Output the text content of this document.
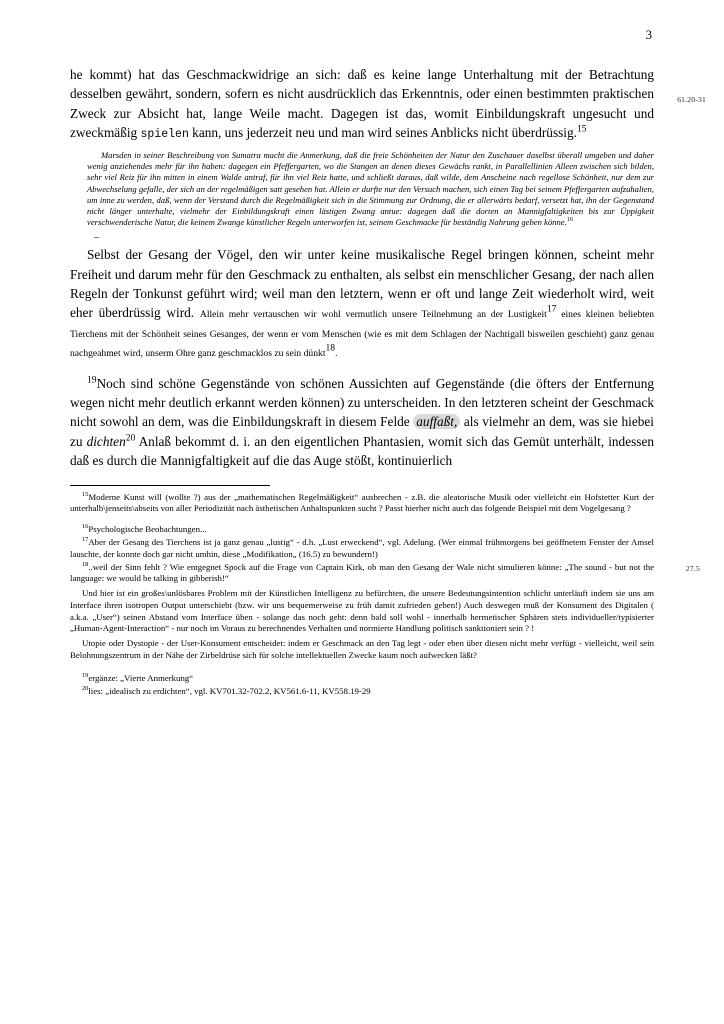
3
61.20-31
27.5

he kommt) hat das Geschmackwidrige an sich: daß es keine lange Unterhaltung mit der Betrachtung desselben gewährt, sondern, sofern es nicht ausdrücklich das Erkenntnis, oder einen bestimmten praktischen Zweck zur Absicht hat, lange Weile macht. Dagegen ist das, womit Einbildungskraft ungesucht und zweckmäßig spielen kann, uns jederzeit neu und man wird seines Anblicks nicht überdrüssig.$^{15}$

Marsden in seiner Beschreibung von Sumatra macht die Anmerkung, daß die freie Schönheiten der Natur den Zuschauer daselbst überall umgeben und daher wenig anziehendes mehr für ihn haben: dagegen ein Pfeffergarten, wo die Stangen an denen dieses Gewächs rankt, in Parallellinien Alleen zwischen sich bilden, sehr viel Reiz für ihn mitten in einem Walde antraf, für ihn viel Reiz hatte, und schließt daraus, daß wilde, dem Anscheine nach regellose Schönheit, nur dem zur Abwechselung gefalle, der sich an der regelmäßigen satt gesehen hat. Allein er durfte nur den Versuch machen, sich einen Tag bei seinem Pfeffergarten aufzuhalten, um inne zu werden, daß, wenn der Verstand durch die Regelmäßigkeit sich in die Stimmung zur Ordnung, die er allerwärts bedarf, versetzt hat, ihn der Gegenstand nicht länger unterhalte, vielmehr der Einbildungskraft einen lästigen Zwang antue: dagegen daß die dorten an Mannigfaltigkeiten bis zur Üppigkeit verschwenderische Natur, die keinem Zwange künstlicher Regeln unterworfen ist, seinem Geschmacke für beständig Nahrung geben könne.$^{16}$

–

Selbst der Gesang der Vögel, den wir unter keine musikalische Regel bringen können, scheint mehr Freiheit und darum mehr für den Geschmack zu enthalten, als selbst ein menschlicher Gesang, der nach allen Regeln der Tonkunst geführt wird; weil man den letztern, wenn er oft und lange Zeit wiederholt wird, weit eher überdrüssig wird. Allein mehr vertauschen wir wohl vermutlich unsere Teilnehmung an der Lustigkeit$^{17}$ eines kleinen beliebten Tierchens mit der Schönheit seines Gesanges, der wenn er vom Menschen (wie es mit dem Schlagen der Nachtigall bisweilen geschieht) ganz genau nachgeahmet wird, unserm Ohre ganz geschmacklos zu sein dünkt$^{18}$.

$^{19}$Noch sind schöne Gegenstände von schönen Aussichten auf Gegenstände (die öfters der Entfernung wegen nicht mehr deutlich erkannt werden können) zu unterscheiden. In den letzteren scheint der Geschmack nicht sowohl an dem, was die Einbildungskraft in diesem Felde auffaßt, als vielmehr an dem, was sie hiebei zu dichten$^{20}$ Anlaß bekommt d. i. an den eigentlichen Phantasien, womit sich das Gemüt unterhält, indessen daß es durch die Mannigfaltigkeit auf die das Auge stößt, kontinuierlich

$^{15}$Moderne Kunst will (wollte ?) aus der „mathematischen Regelmäßigkeit“ ausbrechen - z.B. die aleatorische Musik oder vielleicht ein Hofstetter Kurt der unterhalb\jenseits\abseits von aller Periodizität nach ästhetischen Anhaltspunkten sucht ? Passt hierher nicht auch das folgende Beispiel mit dem Vogelgesang ?

$^{16}$Psychologische Beobachtungen...

$^{17}$Aber der Gesang des Tierchens ist ja ganz genau „lustig“ - d.h. „Lust erweckend“, vgl. Adelung. (Wer einmal frühmorgens bei geöffnetem Fenster der Amsel lauschte, der konnte doch gar nicht umhin, diese „Modifikation„ (16.5) zu bewundern!)

$^{18}$..weil der Sinn fehlt ? Wie entgegnet Spock auf die Frage von Captain Kirk, ob man den Gesang der Wale nicht simulieren könne: „The sound - but not the language: we would be talking in gibberish!“

Und hier ist ein großes\unlösbares Problem mit der Künstlichen Intelligenz zu befürchten, die unsere Bedeutungsintention schlicht unterläuft indem sie uns am Interface ihren isotropen Output unterschiebt (bzw. wir uns bequemerweise zu früh damit zufrieden geben!) Auch deswegen muß der Konsument des Digitalen ( a.k.a. „User“) seinen Abstand vom Interface üben - solange das noch geht: denn bald soll wohl - innerhalb hermetischer Sphären stets individueller/typisierter „Human-Agent-Interaction“ - nur noch im Voraus zu berechnendes Verhalten und normierte Handlung politisch sanktioniert sein ? !

Utopie oder Dystopie - der User-Konsument entscheidet: indem er Geschmack an den Tag legt - oder eben über diesen nicht mehr verfügt - vielleicht, weil sein Belohnungszentrum in der Nähe der Zirbeldrüse sich für solche intellektuellen Zwecke kaum noch aufwecken läßt?

$^{19}$ergänze: „Vierte Anmerkung“

$^{20}$lies: „idealisch zu erdichten“, vgl. KV701.32-702.2, KV561.6-11, KV558.19-29
